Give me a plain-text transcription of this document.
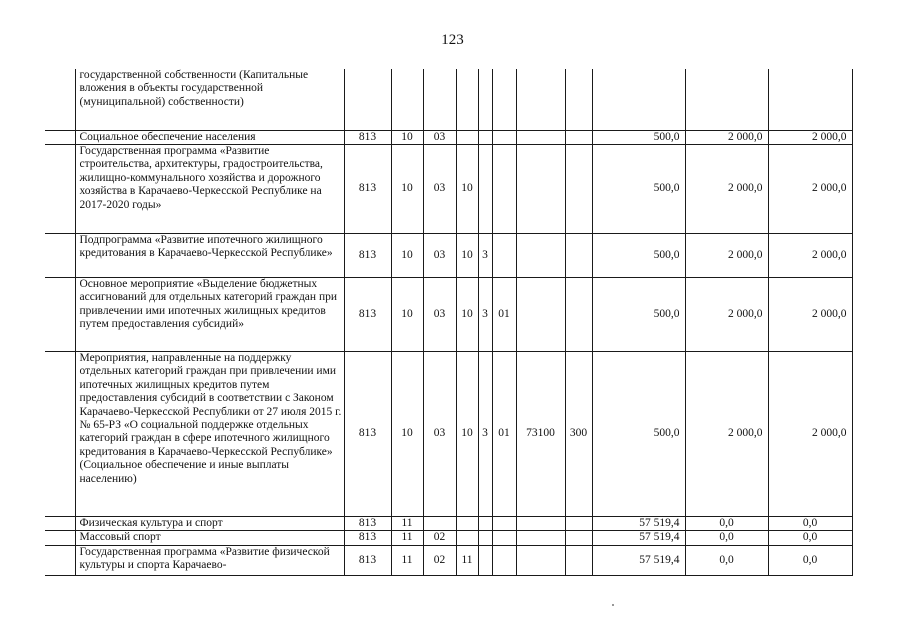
123
	государственной собственности (Капитальные вложения в объекты государственной (муниципальной) собственности)											
	Социальное обеспечение населения	813	10	03						500,0	2 000,0	2 000,0
	Государственная программа «Развитие строительства, архитектуры, градостроительства, жилищно-коммунального хозяйства и дорожного хозяйства в Карачаево-Черкесской Республике на 2017-2020 годы»	813	10	03	10					500,0	2 000,0	2 000,0
	Подпрограмма «Развитие ипотечного жилищного кредитования в Карачаево-Черкесской Республике»	813	10	03	10	3				500,0	2 000,0	2 000,0
	Основное мероприятие «Выделение бюджетных ассигнований для отдельных категорий граждан при привлечении ими ипотечных жилищных кредитов путем предоставления субсидий»	813	10	03	10	3	01			500,0	2 000,0	2 000,0
	Мероприятия, направленные на поддержку отдельных категорий граждан при привлечении ими ипотечных жилищных кредитов путем предоставления субсидий в соответствии с Законом Карачаево-Черкесской Республики от 27 июля 2015 г. № 65-РЗ «О социальной поддержке отдельных категорий граждан в сфере ипотечного жилищного кредитования в Карачаево-Черкесской Республике» (Социальное обеспечение и иные выплаты населению)	813	10	03	10	3	01	73100	300	500,0	2 000,0	2 000,0
	Физическая культура и спорт	813	11							57 519,4	0,0	0,0
	Массовый спорт	813	11	02						57 519,4	0,0	0,0
	Государственная программа «Развитие физической культуры и спорта Карачаево-	813	11	02	11					57 519,4	0,0	0,0
